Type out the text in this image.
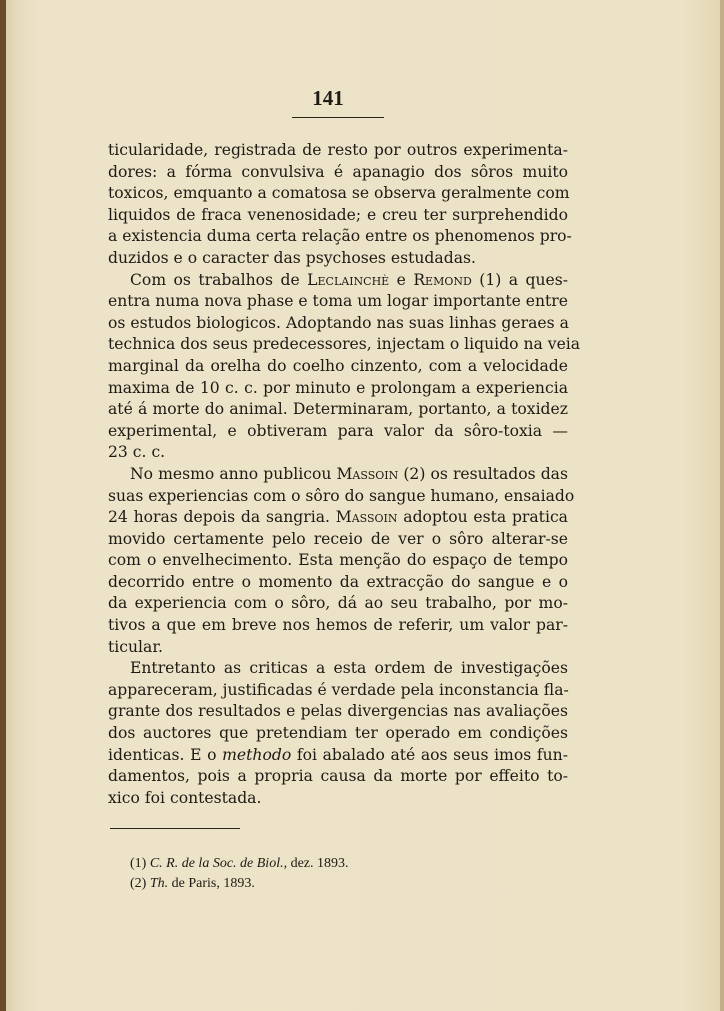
141
ticularidade, registrada de resto por outros experimenta-
dores: a fórma convulsiva é apanagio dos sôros muito
toxicos, emquanto a comatosa se observa geralmente com
liquidos de fraca venenosidade; e creu ter surprehendido
a existencia duma certa relação entre os phenomenos pro-
duzidos e o caracter das psychoses estudadas.
Com os trabalhos de Leclainchè e Remond (1) a ques-
entra numa nova phase e toma um logar importante entre
os estudos biologicos. Adoptando nas suas linhas geraes a
technica dos seus predecessores, injectam o liquido na veia
marginal da orelha do coelho cinzento, com a velocidade
maxima de 10 c. c. por minuto e prolongam a experiencia
até á morte do animal. Determinaram, portanto, a toxidez
experimental, e obtiveram para valor da sôro-toxia —
23 c. c.
No mesmo anno publicou Massoin (2) os resultados das
suas experiencias com o sôro do sangue humano, ensaiado
24 horas depois da sangria. Massoin adoptou esta pratica
movido certamente pelo receio de ver o sôro alterar-se
com o envelhecimento. Esta menção do espaço de tempo
decorrido entre o momento da extracção do sangue e o
da experiencia com o sôro, dá ao seu trabalho, por mo-
tivos a que em breve nos hemos de referir, um valor par-
ticular.
Entretanto as criticas a esta ordem de investigações
appareceram, justificadas é verdade pela inconstancia fla-
grante dos resultados e pelas divergencias nas avaliações
dos auctores que pretendiam ter operado em condições
identicas. E o methodo foi abalado até aos seus imos fun-
damentos, pois a propria causa da morte por effeito to-
xico foi contestada.
(1) C. R. de la Soc. de Biol., dez. 1893.
(2) Th. de Paris, 1893.
